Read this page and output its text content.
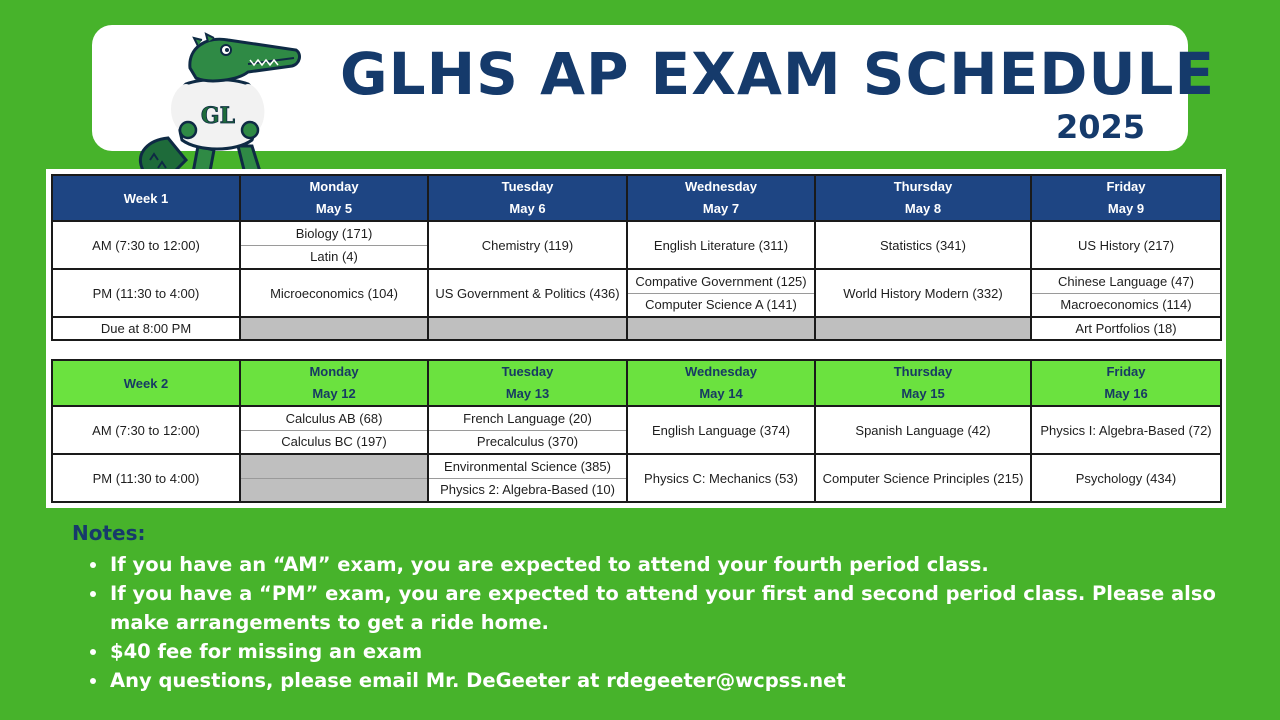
GLHS AP EXAM SCHEDULE
2025
GL
Week 1	Monday	Tuesday	Wednesday	Thursday	Friday
	May 5	May 6	May 7	May 8	May 9
AM (7:30 to 12:00)	Biology (171)	Chemistry (119)	English Literature (311)	Statistics (341)	US History (217)
	Latin (4)				
PM (11:30 to 4:00)	Microeconomics (104)	US Government & Politics (436)	Compative Government (125)	World History Modern (332)	Chinese Language (47)
			Computer Science A (141)		Macroeconomics (114)
Due at 8:00 PM					Art Portfolios (18)
Week 2	Monday	Tuesday	Wednesday	Thursday	Friday
	May 12	May 13	May 14	May 15	May 16
AM (7:30 to 12:00)	Calculus AB (68)	French Language (20)	English Language (374)	Spanish Language (42)	Physics I: Algebra-Based (72)
	Calculus BC (197)	Precalculus (370)			
PM (11:30 to 4:00)		Environmental Science (385)	Physics C: Mechanics (53)	Computer Science Principles (215)	Psychology (434)
		Physics 2: Algebra-Based (10)			
Notes:
If you have an “AM” exam, you are expected to attend your fourth period class.
If you have a “PM” exam, you are expected to attend your first and second period class. Please also make arrangements to get a ride home.
$40 fee for missing an exam
Any questions, please email Mr. DeGeeter at rdegeeter@wcpss.net
